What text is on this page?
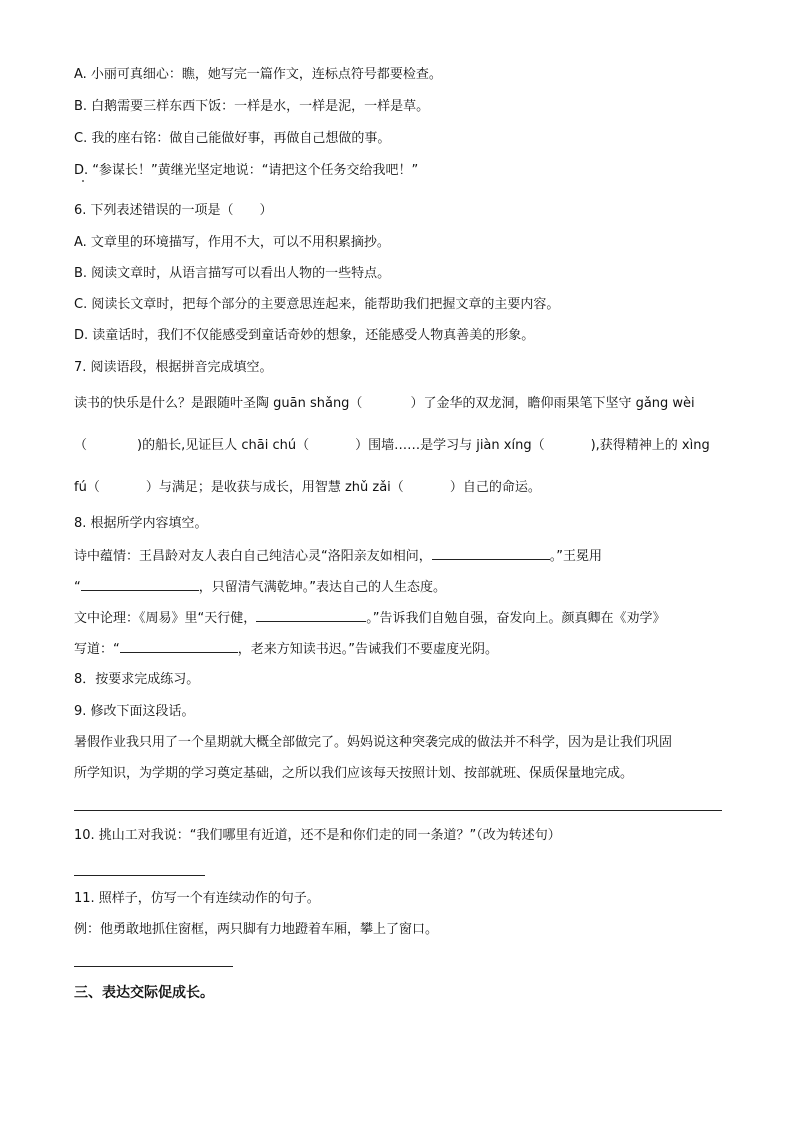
A. 小丽可真细心：瞧，她写完一篇作文，连标点符号都要检查。
B. 白鹅需要三样东西下饭：一样是水，一样是泥，一样是草。
C. 我的座右铭：做自己能做好事，再做自己想做的事。
D. “参谋长！”黄继光坚定地说：“请把这个任务交给我吧！”
6. 下列表述错误的一项是（　　）
A. 文章里的环境描写，作用不大，可以不用积累摘抄。
B. 阅读文章时，从语言描写可以看出人物的一些特点。
C. 阅读长文章时，把每个部分的主要意思连起来，能帮助我们把握文章的主要内容。
D. 读童话时，我们不仅能感受到童话奇妙的想象，还能感受人物真善美的形象。
7. 阅读语段，根据拼音完成填空。
读书的快乐是什么？是跟随叶圣陶 guān shǎng（	）了金华的双龙洞，瞻仰雨果笔下坚守 gǎng wèi
（	)的船长,见证巨人 chāi chú（	）围墙……是学习与 jiàn xíng（	),获得精神上的 xìng
fú（	）与满足；是收获与成长，用智慧 zhǔ zǎi（	）自己的命运。
8. 根据所学内容填空。
诗中蕴情：王昌龄对友人表白自己纯洁心灵“洛阳亲友如相问，	。”王冕用
“	，只留清气满乾坤。”表达自己的人生态度。
文中论理：《周易》里“天行健，	。”告诉我们自勉自强，奋发向上。颜真卿在《劝学》
写道：“	，老来方知读书迟。”告诫我们不要虚度光阴。
8．按要求完成练习。
9. 修改下面这段话。
暑假作业我只用了一个星期就大概全部做完了。妈妈说这种突袭完成的做法并不科学，因为是让我们巩固
所学知识，为学期的学习奠定基础，之所以我们应该每天按照计划、按部就班、保质保量地完成。
10. 挑山工对我说：“我们哪里有近道，还不是和你们走的同一条道？”（改为转述句）
11. 照样子，仿写一个有连续动作的句子。
例：他勇敢地抓住窗框，两只脚有力地蹬着车厢，攀上了窗口。
三、表达交际促成长。
